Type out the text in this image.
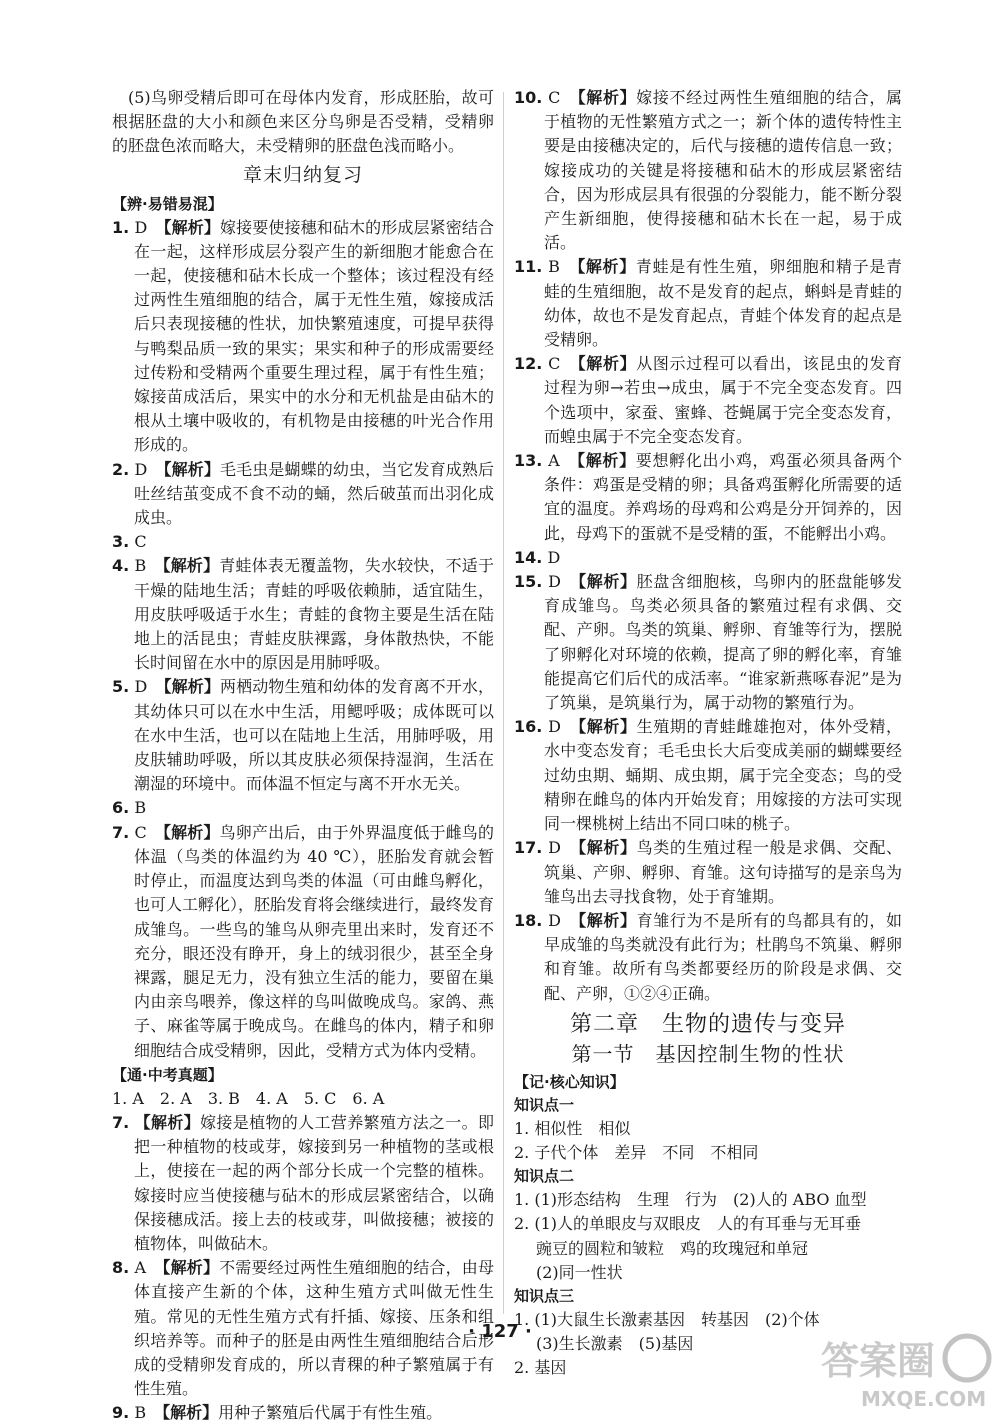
(5)鸟卵受精后即可在母体内发育，形成胚胎，故可根据胚盘的大小和颜色来区分鸟卵是否受精，受精卵的胚盘色浓而略大，未受精卵的胚盘色浅而略小。

章末归纳复习

【辨·易错易混】

1. D　 【解析】嫁接要使接穗和砧木的形成层紧密结合在一起，这样形成层分裂产生的新细胞才能愈合在一起，使接穗和砧木长成一个整体；该过程没有经过两性生殖细胞的结合，属于无性生殖，嫁接成活后只表现接穗的性状，加快繁殖速度，可提早获得与鸭梨品质一致的果实；果实和种子的形成需要经过传粉和受精两个重要生理过程，属于有性生殖；嫁接苗成活后，果实中的水分和无机盐是由砧木的根从土壤中吸收的，有机物是由接穗的叶光合作用形成的。

2. D　 【解析】毛毛虫是蝴蝶的幼虫，当它发育成熟后吐丝结茧变成不食不动的蛹，然后破茧而出羽化成成虫。

3. C

4. B　 【解析】青蛙体表无覆盖物，失水较快，不适于干燥的陆地生活；青蛙的呼吸依赖肺，适宜陆生，用皮肤呼吸适于水生；青蛙的食物主要是生活在陆地上的活昆虫；青蛙皮肤裸露，身体散热快，不能长时间留在水中的原因是用肺呼吸。

5. D　 【解析】两栖动物生殖和幼体的发育离不开水，其幼体只可以在水中生活，用鳃呼吸；成体既可以在水中生活，也可以在陆地上生活，用肺呼吸，用皮肤辅助呼吸，所以其皮肤必须保持湿润，生活在潮湿的环境中。而体温不恒定与离不开水无关。

6. B

7. C　 【解析】鸟卵产出后，由于外界温度低于雌鸟的体温（鸟类的体温约为 40 ℃），胚胎发育就会暂时停止，而温度达到鸟类的体温（可由雌鸟孵化，也可人工孵化），胚胎发育将会继续进行，最终发育成雏鸟。一些鸟的雏鸟从卵壳里出来时，发育还不充分，眼还没有睁开，身上的绒羽很少，甚至全身裸露，腿足无力，没有独立生活的能力，要留在巢内由亲鸟喂养，像这样的鸟叫做晚成鸟。家鸽、燕子、麻雀等属于晚成鸟。在雌鸟的体内，精子和卵细胞结合成受精卵，因此，受精方式为体内受精。

【通·中考真题】

1. A　2. A　3. B　4. A　5. C　6. A

7. 【解析】嫁接是植物的人工营养繁殖方法之一。即把一种植物的枝或芽，嫁接到另一种植物的茎或根上，使接在一起的两个部分长成一个完整的植株。嫁接时应当使接穗与砧木的形成层紧密结合，以确保接穗成活。接上去的枝或芽，叫做接穗；被接的植物体，叫做砧木。

8. A　 【解析】不需要经过两性生殖细胞的结合，由母体直接产生新的个体，这种生殖方式叫做无性生殖。常见的无性生殖方式有扦插、嫁接、压条和组织培养等。而种子的胚是由两性生殖细胞结合后形成的受精卵发育成的，所以青稞的种子繁殖属于有性生殖。

9. B　 【解析】用种子繁殖后代属于有性生殖。

10. C　 【解析】嫁接不经过两性生殖细胞的结合，属于植物的无性繁殖方式之一；新个体的遗传特性主要是由接穗决定的，后代与接穗的遗传信息一致；嫁接成功的关键是将接穗和砧木的形成层紧密结合，因为形成层具有很强的分裂能力，能不断分裂产生新细胞，使得接穗和砧木长在一起，易于成活。

11. B　 【解析】青蛙是有性生殖，卵细胞和精子是青蛙的生殖细胞，故不是发育的起点，蝌蚪是青蛙的幼体，故也不是发育起点，青蛙个体发育的起点是受精卵。

12. C　 【解析】从图示过程可以看出，该昆虫的发育过程为卵→若虫→成虫，属于不完全变态发育。四个选项中，家蚕、蜜蜂、苍蝇属于完全变态发育，而蝗虫属于不完全变态发育。

13. A　 【解析】要想孵化出小鸡，鸡蛋必须具备两个条件：鸡蛋是受精的卵；具备鸡蛋孵化所需要的适宜的温度。养鸡场的母鸡和公鸡是分开饲养的，因此，母鸡下的蛋就不是受精的蛋，不能孵出小鸡。

14. D

15. D　 【解析】胚盘含细胞核，鸟卵内的胚盘能够发育成雏鸟。鸟类必须具备的繁殖过程有求偶、交配、产卵。鸟类的筑巢、孵卵、育雏等行为，摆脱了卵孵化对环境的依赖，提高了卵的孵化率，育雏能提高它们后代的成活率。“谁家新燕啄春泥”是为了筑巢，是筑巢行为，属于动物的繁殖行为。

16. D　 【解析】生殖期的青蛙雌雄抱对，体外受精，水中变态发育；毛毛虫长大后变成美丽的蝴蝶要经过幼虫期、蛹期、成虫期，属于完全变态；鸟的受精卵在雌鸟的体内开始发育；用嫁接的方法可实现同一棵桃树上结出不同口味的桃子。

17. D　 【解析】鸟类的生殖过程一般是求偶、交配、筑巢、产卵、孵卵、育雏。这句诗描写的是亲鸟为雏鸟出去寻找食物，处于育雏期。

18. D　 【解析】育雏行为不是所有的鸟都具有的，如早成雏的鸟类就没有此行为；杜鹃鸟不筑巢、孵卵和育雏。故所有鸟类都要经历的阶段是求偶、交配、产卵，①②④正确。

第二章　生物的遗传与变异
第一节　基因控制生物的性状

【记·核心知识】

知识点一

1. 相似性　相似

2. 子代个体　差异　不同　不相同

知识点二

1. (1)形态结构　生理　行为　(2)人的 ABO 血型

2. (1)人的单眼皮与双眼皮　人的有耳垂与无耳垂

豌豆的圆粒和皱粒　鸡的玫瑰冠和单冠

(2)同一性状

知识点三

1. (1)大鼠生长激素基因　转基因　(2)个体

(3)生长激素　(5)基因

2. 基因

· 127 ·
答案圈
MXQE.COM
